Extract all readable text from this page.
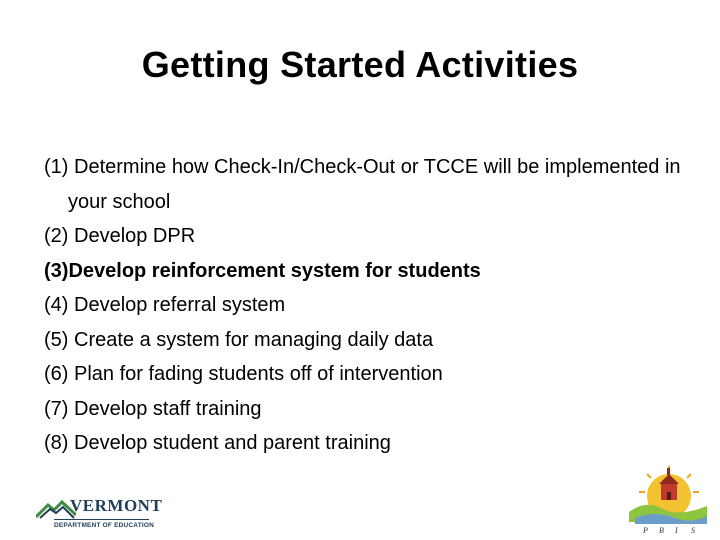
Getting Started Activities
(1) Determine how Check-In/Check-Out or TCCE will be implemented in your school
(2) Develop DPR
(3)Develop reinforcement system for students
(4) Develop referral system
(5) Create a system for managing daily data
(6) Plan for fading students off of intervention
(7) Develop staff training
(8) Develop student and parent training
VERMONT
DEPARTMENT OF EDUCATION
P B I S
